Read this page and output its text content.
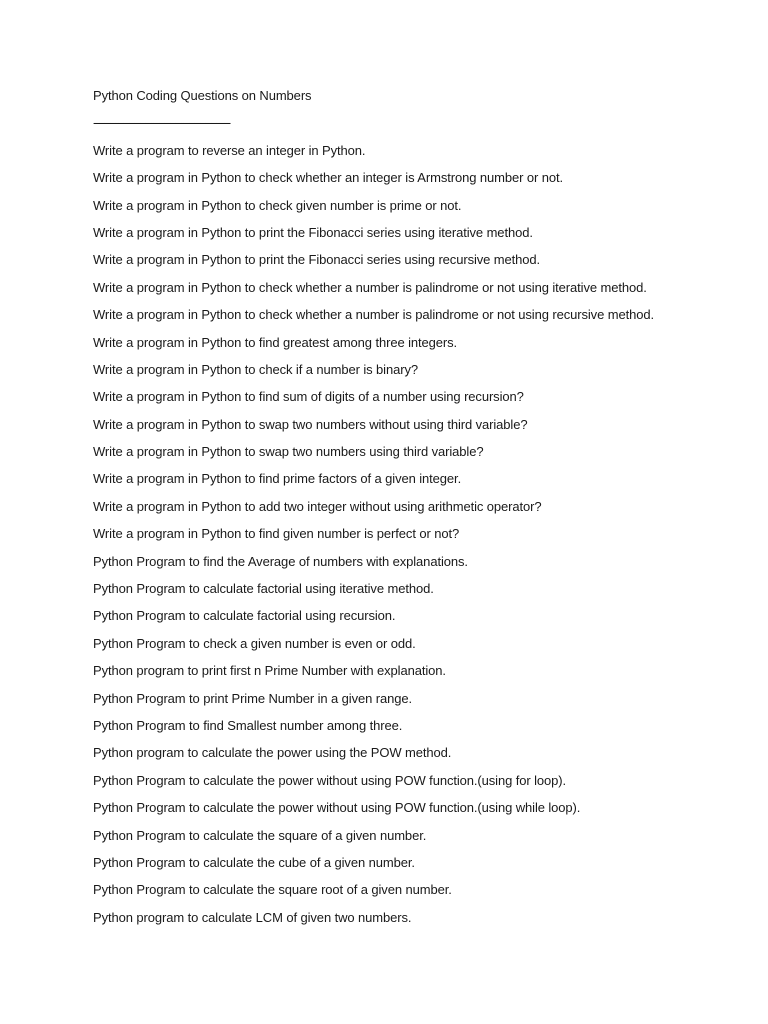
Python Coding Questions on Numbers
--------------------------------------------------
Write a program to reverse an integer in Python.
Write a program in Python to check whether an integer is Armstrong number or not.
Write a program in Python to check given number is prime or not.
Write a program in Python to print the Fibonacci series using iterative method.
Write a program in Python to print the Fibonacci series using recursive method.
Write a program in Python to check whether a number is palindrome or not using iterative method.
Write a program in Python to check whether a number is palindrome or not using recursive method.
Write a program in Python to find greatest among three integers.
Write a program in Python to check if a number is binary?
Write a program in Python to find sum of digits of a number using recursion?
Write a program in Python to swap two numbers without using third variable?
Write a program in Python to swap two numbers using third variable?
Write a program in Python to find prime factors of a given integer.
Write a program in Python to add two integer without using arithmetic operator?
Write a program in Python to find given number is perfect or not?
Python Program to find the Average of numbers with explanations.
Python Program to calculate factorial using iterative method.
Python Program to calculate factorial using recursion.
Python Program to check a given number is even or odd.
Python program to print first n Prime Number with explanation.
Python Program to print Prime Number in a given range.
Python Program to find Smallest number among three.
Python program to calculate the power using the POW method.
Python Program to calculate the power without using POW function.(using for loop).
Python Program to calculate the power without using POW function.(using while loop).
Python Program to calculate the square of a given number.
Python Program to calculate the cube of a given number.
Python Program to calculate the square root of a given number.
Python program to calculate LCM of given two numbers.
